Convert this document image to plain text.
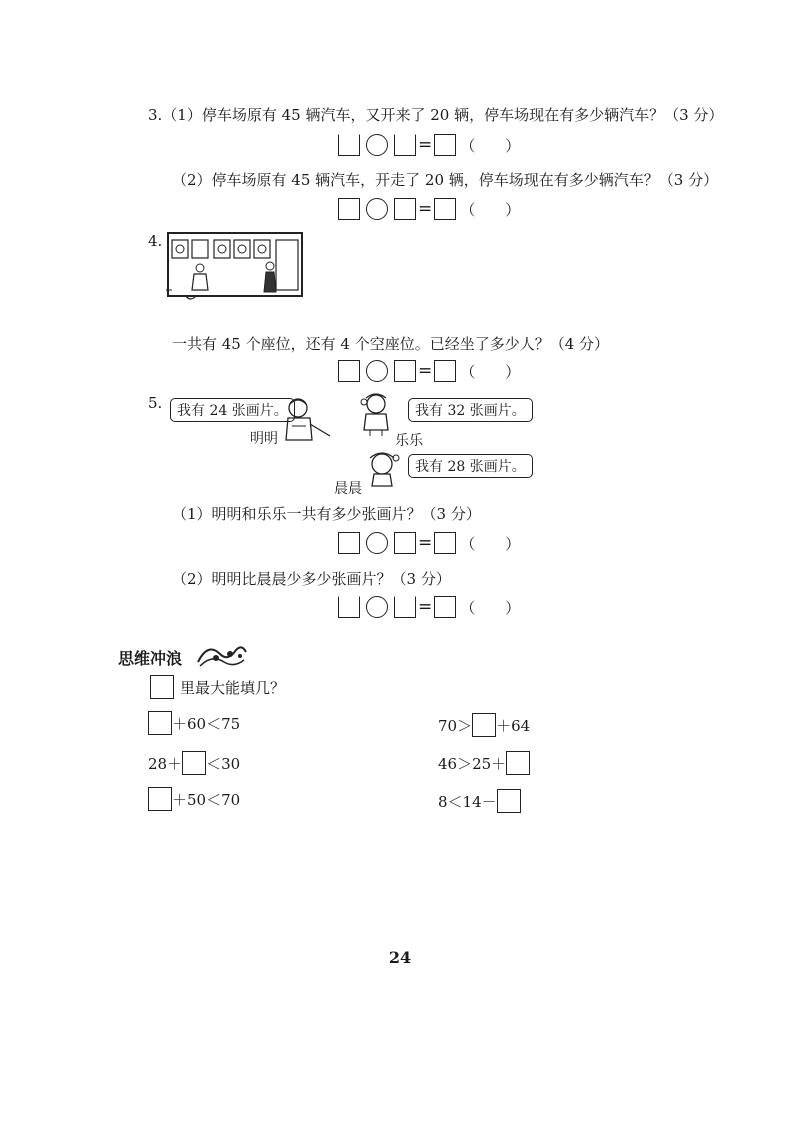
3.（1）停车场原有 45 辆汽车，又开来了 20 辆，停车场现在有多少辆汽车？（3 分）
= （　　）
（2）停车场原有 45 辆汽车，开走了 20 辆，停车场现在有多少辆汽车？（3 分）
= （　　）
4.
一共有 45 个座位，还有 4 个空座位。已经坐了多少人？（4 分）
= （　　）
5.	我有 24 张画片。
明明
我有 32 张画片。
乐乐
我有 28 张画片。
晨晨
（1）明明和乐乐一共有多少张画片？（3 分）
= （　　）
（2）明明比晨晨少多少张画片？（3 分）
= （　　）
思维冲浪
里最大能填几？
＋60＜75
28＋ ＜30
＋50＜70
70＞ ＋64
46＞25＋
8＜14－
24
